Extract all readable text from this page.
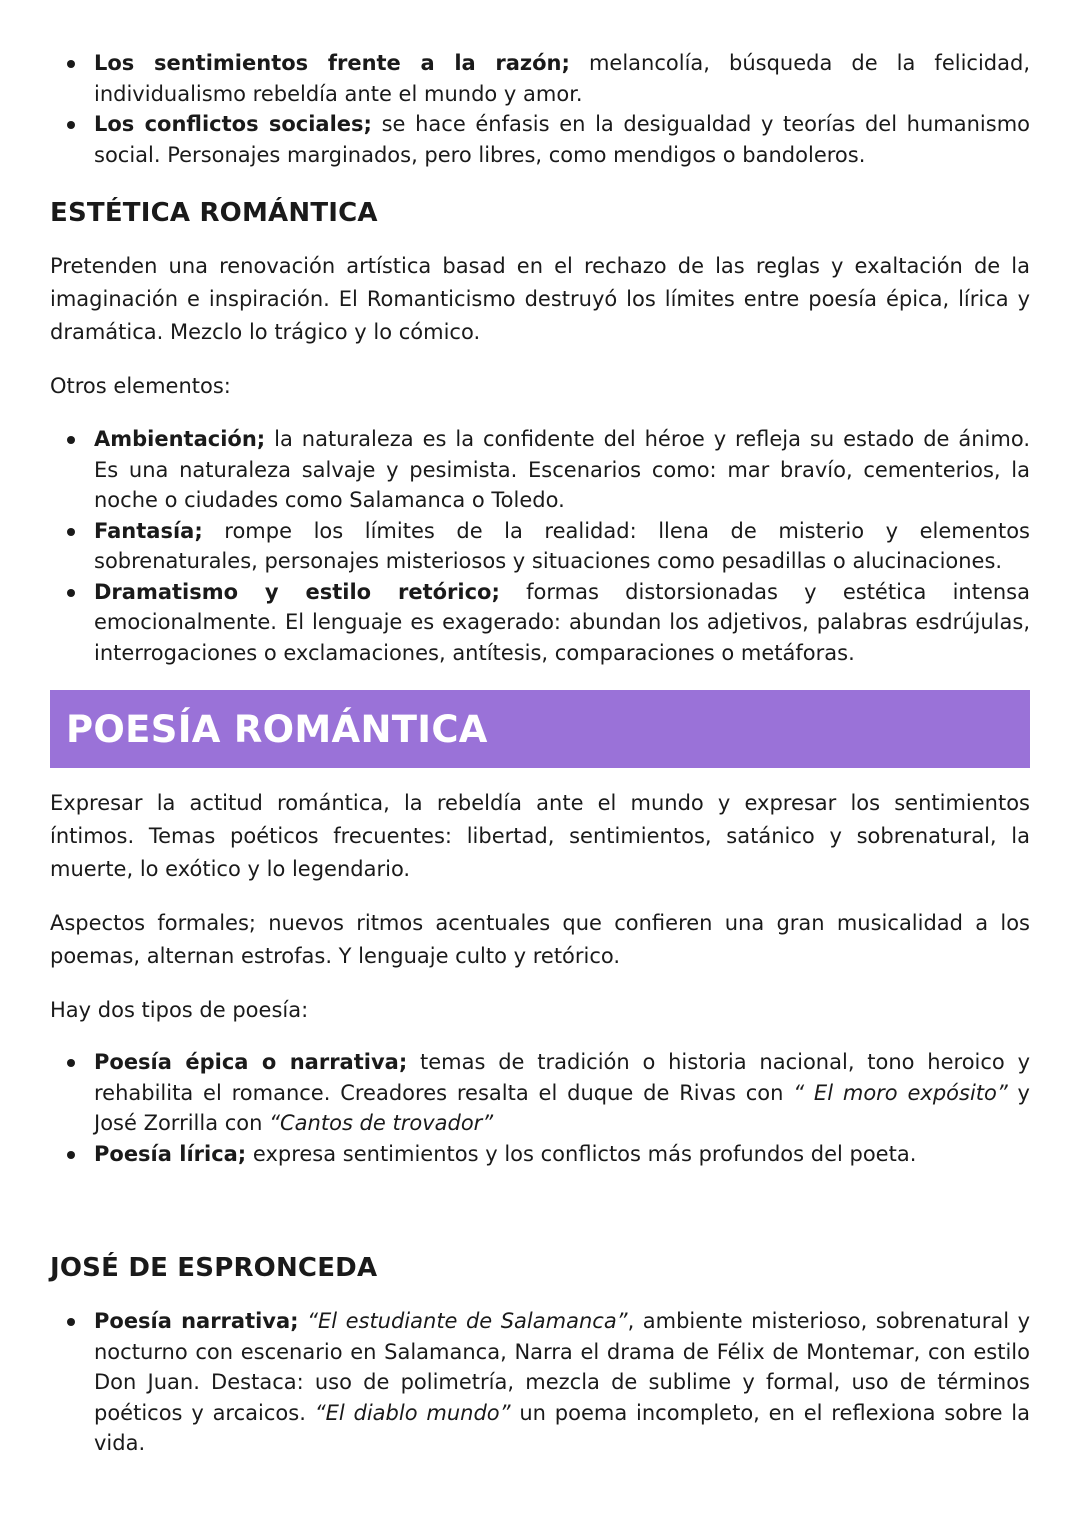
Los sentimientos frente a la razón; melancolía, búsqueda de la felicidad, individualismo rebeldía ante el mundo y amor.
Los conflictos sociales; se hace énfasis en la desigualdad y teorías del humanismo social. Personajes marginados, pero libres, como mendigos o bandoleros.
ESTÉTICA ROMÁNTICA

Pretenden una renovación artística basad en el rechazo de las reglas y exaltación de la imaginación e inspiración. El Romanticismo destruyó los límites entre poesía épica, lírica y dramática. Mezclo lo trágico y lo cómico.

Otros elementos:

Ambientación; la naturaleza es la confidente del héroe y refleja su estado de ánimo. Es una naturaleza salvaje y pesimista. Escenarios como: mar bravío, cementerios, la noche o ciudades como Salamanca o Toledo.
Fantasía; rompe los límites de la realidad: llena de misterio y elementos sobrenaturales, personajes misteriosos y situaciones como pesadillas o alucinaciones.
Dramatismo y estilo retórico; formas distorsionadas y estética intensa emocionalmente. El lenguaje es exagerado: abundan los adjetivos, palabras esdrújulas, interrogaciones o exclamaciones, antítesis, comparaciones o metáforas.
POESÍA ROMÁNTICA

Expresar la actitud romántica, la rebeldía ante el mundo y expresar los sentimientos íntimos. Temas poéticos frecuentes: libertad, sentimientos, satánico y sobrenatural, la muerte, lo exótico y lo legendario.

Aspectos formales; nuevos ritmos acentuales que confieren una gran musicalidad a los poemas, alternan estrofas. Y lenguaje culto y retórico.

Hay dos tipos de poesía:

Poesía épica o narrativa; temas de tradición o historia nacional, tono heroico y rehabilita el romance. Creadores resalta el duque de Rivas con “ El moro expósito” y José Zorrilla con “Cantos de trovador”
Poesía lírica; expresa sentimientos y los conflictos más profundos del poeta.
JOSÉ DE ESPRONCEDA
Poesía narrativa; “El estudiante de Salamanca”, ambiente misterioso, sobrenatural y nocturno con escenario en Salamanca, Narra el drama de Félix de Montemar, con estilo Don Juan. Destaca: uso de polimetría, mezcla de sublime y formal, uso de términos poéticos y arcaicos. “El diablo mundo” un poema incompleto, en el reflexiona sobre la vida.
